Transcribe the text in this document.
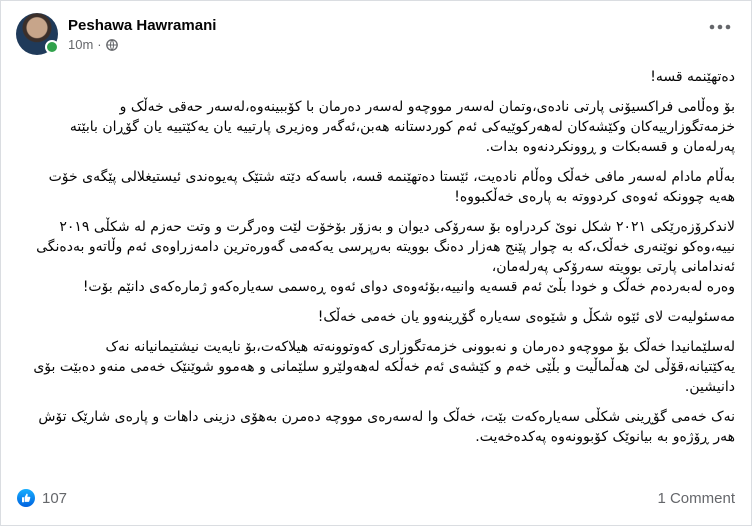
Peshawa Hawramani
10m ·

دەتهێنمە قسە!

بۆ وەڵامی فراکسیۆنی پارتی نادەی،وتمان لەسەر مووچەو لەسەر دەرمان با کۆببینەوە،لەسەر حەقی خەڵک و خزمەتگوزارییەکان وکێشەکان لەهەرکوێیەکی ئەم کوردستانە هەبن،ئەگەر وەزیری پارتییە یان یەکێتییە یان گۆڕان بابێتە پەرلەمان و قسەبکات و ڕوونکردنەوە بدات.

بەڵام مادام لەسەر مافی خەڵک وەڵام نادەیت، ئێستا دەتهێنمە قسە، باسەکە دێتە شتێک پەیوەندی ئیستیغلالی پێگەی خۆت هەیە چوونکە ئەوەی کردووتە بە پارەی خەڵکبووە!

لاندکرۆزەرێکی ٢٠٢١ شکل نوێ کردراوە بۆ سەرۆکی دیوان و بەزۆر بۆخۆت لێت وەرگرت و وتت حەزم لە شکڵی ٢٠١٩ نییە،وەکو نوێنەری خەڵک،کە بە چوار پێنج هەزار دەنگ بوویتە بەرپرسی یەکەمی گەورەترین دامەزراوەی ئەم وڵاتەو بەدەنگی ئەندامانی پارتی بوویتە سەرۆکی پەرلەمان،

وەرە لەبەردەم خەڵک و خودا بڵێ ئەم قسەیە وانییە،بۆئەوەی دوای ئەوە ڕەسمی سەیارەکەو ژمارەکەی دانێم بۆت!

مەسئولیەت لای ئێوە شکڵ و شێوەی سەیارە گۆڕینەوو یان خەمی خەڵک!

لەسلێمانیدا خەڵک بۆ مووچەو دەرمان و نەبوونی خزمەتگوزاری کەوتوونەتە هیلاکەت،بۆ نایەیت نیشتیمانیانە نەک یەکێتیانە،قۆڵی لێ هەڵماڵیت و بڵێی خەم و کێشەی ئەم خەڵکە لەهەولێرو سلێمانی و هەموو شوێنێک خەمی منەو دەبێت بۆی دانیشین.

نەک خەمی گۆڕینی شکڵی سەیارەکەت بێت، خەڵک وا لەسەرەی مووچە دەمرن بەهۆی دزینی داهات و پارەی شارێک تۆش هەر ڕۆژەو بە بیانوێک کۆبوونەوە پەکدەخەیت.

107	1 Comment
